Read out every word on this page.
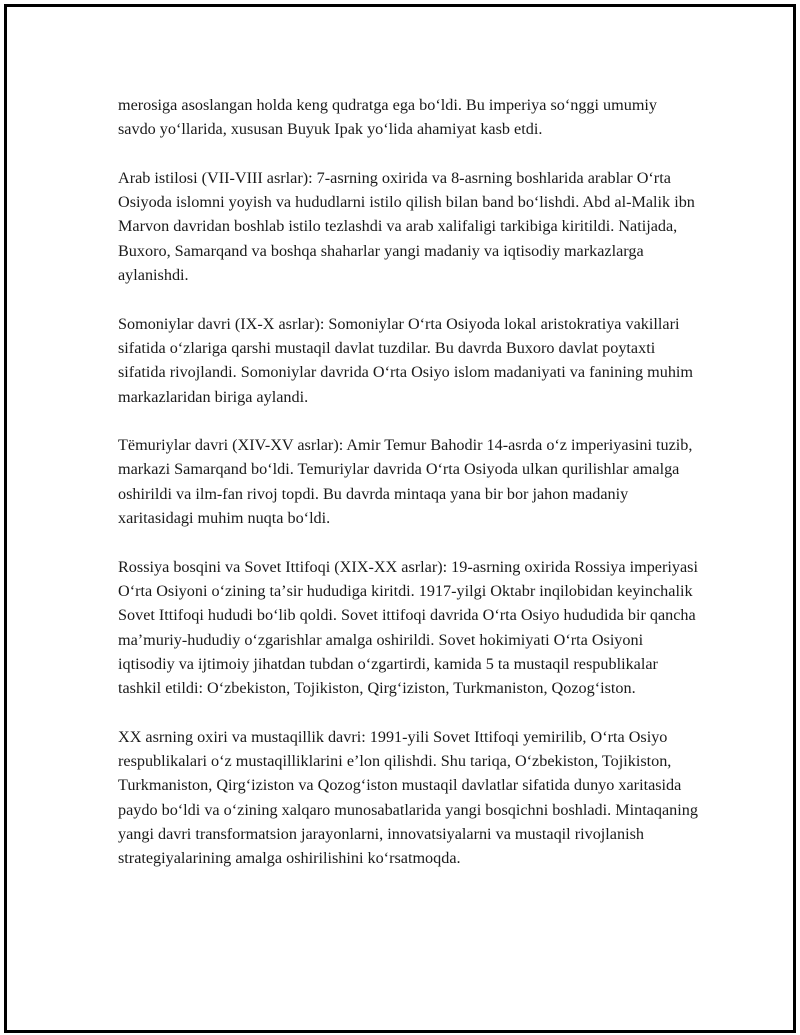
merosiga asoslangan holda keng qudratga ega boʻldi. Bu imperiya soʻnggi umumiy savdo yoʻllarida, xususan Buyuk Ipak yoʻlida ahamiyat kasb etdi.

Arab istilosi (VII-VIII asrlar): 7-asrning oxirida va 8-asrning boshlarida arablar Oʻrta Osiyoda islomni yoyish va hududlarni istilo qilish bilan band boʻlishdi. Abd al-Malik ibn Marvon davridan boshlab istilo tezlashdi va arab xalifaligi tarkibiga kiritildi. Natijada, Buxoro, Samarqand va boshqa shaharlar yangi madaniy va iqtisodiy markazlarga aylanishdi.

Somoniylar davri (IX-X asrlar): Somoniylar Oʻrta Osiyoda lokal aristokratiya vakillari sifatida oʻzlariga qarshi mustaqil davlat tuzdilar. Bu davrda Buxoro davlat poytaxti sifatida rivojlandi. Somoniylar davrida Oʻrta Osiyo islom madaniyati va fanining muhim markazlaridan biriga aylandi.

Tëmuriylar davri (XIV-XV asrlar): Amir Temur Bahodir 14-asrda oʻz imperiyasini tuzib, markazi Samarqand boʻldi. Temuriylar davrida Oʻrta Osiyoda ulkan qurilishlar amalga oshirildi va ilm-fan rivoj topdi. Bu davrda mintaqa yana bir bor jahon madaniy xaritasidagi muhim nuqta boʻldi.

Rossiya bosqini va Sovet Ittifoqi (XIX-XX asrlar): 19-asrning oxirida Rossiya imperiyasi Oʻrta Osiyoni oʻzining taʼsir hududiga kiritdi. 1917-yilgi Oktabr inqilobidan keyinchalik Sovet Ittifoqi hududi boʻlib qoldi. Sovet ittifoqi davrida Oʻrta Osiyo hududida bir qancha maʼmuriy-hududiy oʻzgarishlar amalga oshirildi. Sovet hokimiyati Oʻrta Osiyoni iqtisodiy va ijtimoiy jihatdan tubdan oʻzgartirdi, kamida 5 ta mustaqil respublikalar tashkil etildi: Oʻzbekiston, Tojikiston, Qirgʻiziston, Turkmaniston, Qozogʻiston.

XX asrning oxiri va mustaqillik davri: 1991-yili Sovet Ittifoqi yemirilib, Oʻrta Osiyo respublikalari oʻz mustaqilliklarini eʼlon qilishdi. Shu tariqa, Oʻzbekiston, Tojikiston, Turkmaniston, Qirgʻiziston va Qozogʻiston mustaqil davlatlar sifatida dunyo xaritasida paydo boʻldi va oʻzining xalqaro munosabatlarida yangi bosqichni boshladi. Mintaqaning yangi davri transformatsion jarayonlarni, innovatsiyalarni va mustaqil rivojlanish strategiyalarining amalga oshirilishini koʻrsatmoqda.
